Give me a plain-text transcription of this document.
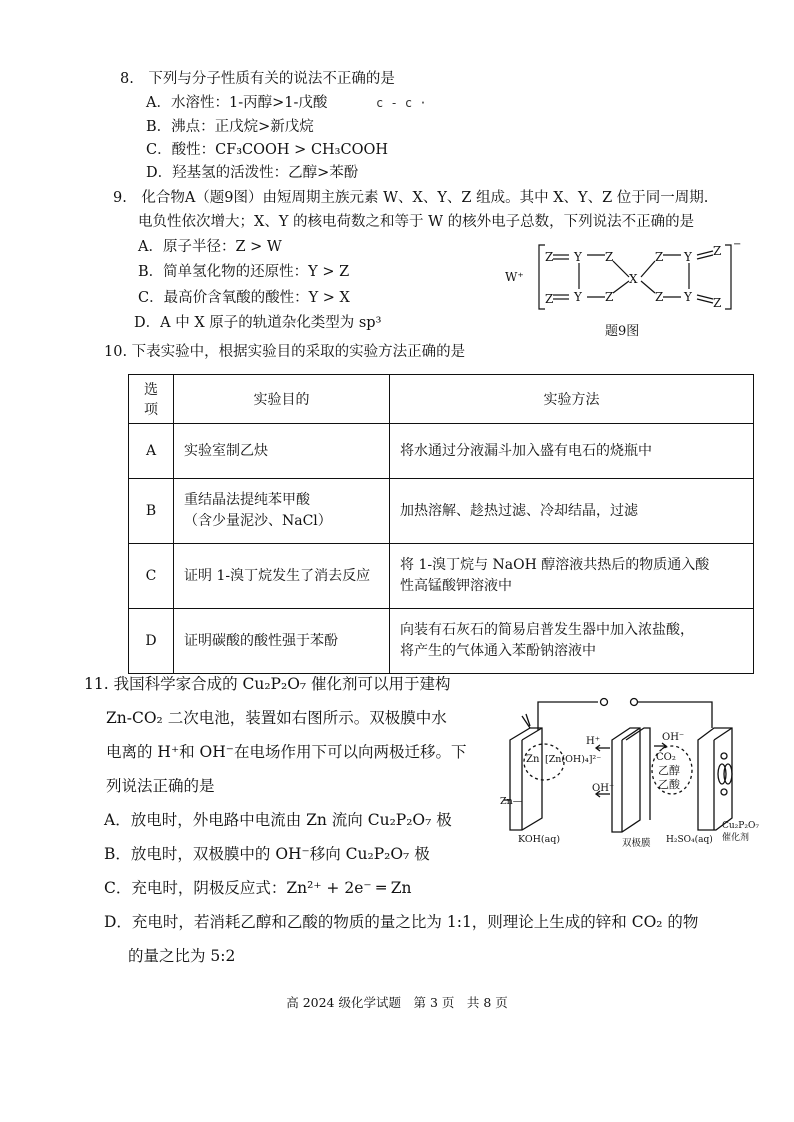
8.　下列与分子性质有关的说法不正确的是
A．水溶性：1-丙醇>1-戊酸	c - c ·
B．沸点：正戊烷>新戊烷
C．酸性：CF₃COOH > CH₃COOH
D．羟基氢的活泼性：乙醇>苯酚
9.　化合物A（题9图）由短周期主族元素 W、X、Y、Z 组成。其中 X、Y、Z 位于同一周期.
电负性依次增大；X、Y 的核电荷数之和等于 W 的核外电子总数，下列说法不正确的是
A．原子半径：Z > W
B．简单氢化物的还原性：Y > Z
C．最高价含氧酸的酸性：Y > X
D．A 中 X 原子的轨道杂化类型为 sp³
W⁺
Z
Z
Y
Y
Z
Z
X
Z
Z
Y
Y
Z
Z
−
题9图
10. 下表实验中，根据实验目的采取的实验方法正确的是
选项	实验目的	实验方法
A	实验室制乙炔	将水通过分液漏斗加入盛有电石的烧瓶中

B	重结晶法提纯苯甲酸
（含少量泥沙、NaCl）	加热溶解、趁热过滤、冷却结晶，过滤

C	证明 1-溴丁烷发生了消去反应	将 1-溴丁烷与 NaOH 醇溶液共热后的物质通入酸
性高锰酸钾溶液中

D	证明碳酸的酸性强于苯酚	向装有石灰石的简易启普发生器中加入浓盐酸，
将产生的气体通入苯酚钠溶液中
11. 我国科学家合成的 Cu₂P₂O₇ 催化剂可以用于建构
Zn-CO₂ 二次电池，装置如右图所示。双极膜中水
电离的 H⁺和 OH⁻在电场作用下可以向两极迁移。下
列说法正确的是
A．放电时，外电路中电流由 Zn 流向 Cu₂P₂O₇ 极
B．放电时，双极膜中的 OH⁻移向 Cu₂P₂O₇ 极
C．充电时，阴极反应式：Zn²⁺ + 2e⁻ ═ Zn
D．充电时，若消耗乙醇和乙酸的物质的量之比为 1:1，则理论上生成的锌和 CO₂ 的物
的量之比为 5:2
H⁺	OH⁻
CO₂
乙醇
乙酸
Zn [Zn(OH)₄]²⁻
OH⁻
Zn—
KOH(aq)	双极膜 H₂SO₄(aq)
Cu₂P₂O₇
催化剂
高 2024 级化学试题　第 3 页　共 8 页
